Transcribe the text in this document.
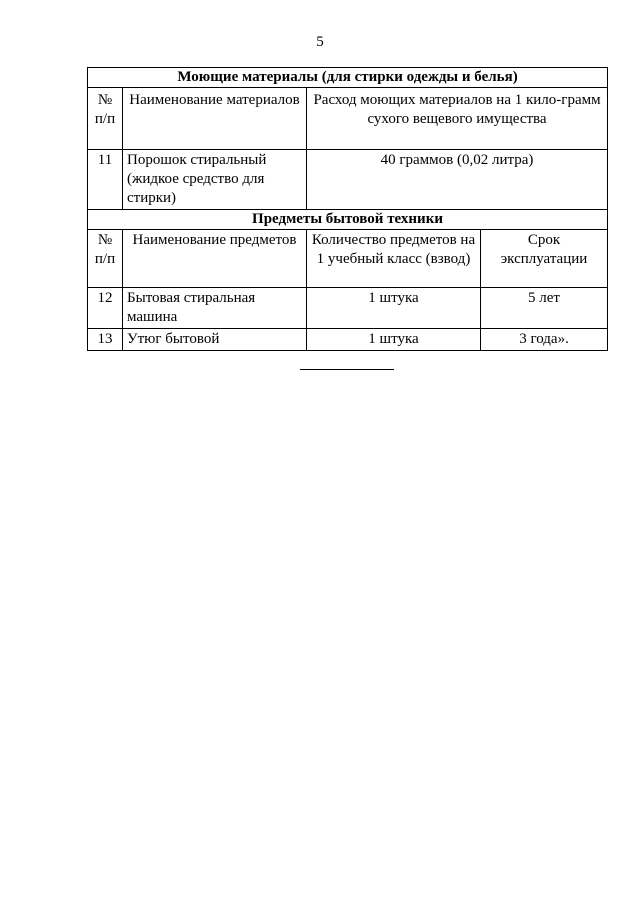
5
Моющие материалы (для стирки одежды и белья)			
№ п/п	Наименование материалов	Расход моющих материалов на 1 кило-грамм сухого вещевого имущества	
11	Порошок стиральный (жидкое средство для стирки)	40 граммов (0,02 литра)	
Предметы бытовой техники			
№ п/п	Наименование предметов	Количество предметов на 1 учебный класс (взвод)	Срок эксплуатации
12	Бытовая стиральная машина	1 штука	5 лет
13	Утюг бытовой	1 штука	3 года».
